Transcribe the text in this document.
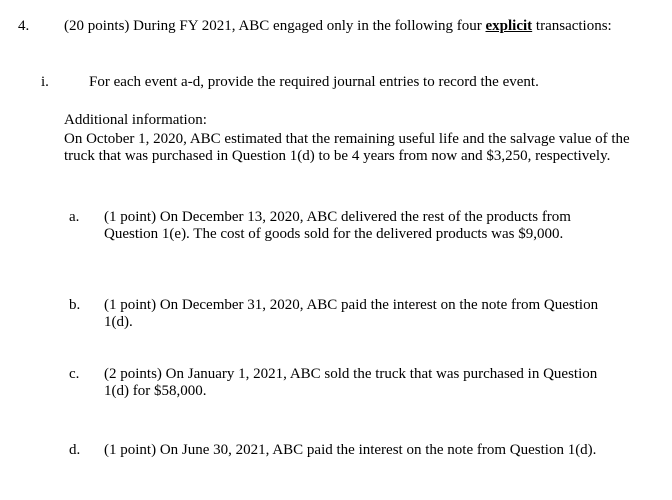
4. (20 points) During FY 2021, ABC engaged only in the following four explicit transactions:
i.	For each event a-d, provide the required journal entries to record the event.
Additional information:
On October 1, 2020, ABC estimated that the remaining useful life and the salvage value of the truck that was purchased in Question 1(d) to be 4 years from now and $3,250, respectively.
a. (1 point) On December 13, 2020, ABC delivered the rest of the products from Question 1(e). The cost of goods sold for the delivered products was $9,000.
b. (1 point) On December 31, 2020, ABC paid the interest on the note from Question 1(d).
c. (2 points) On January 1, 2021, ABC sold the truck that was purchased in Question 1(d) for $58,000.
d. (1 point) On June 30, 2021, ABC paid the interest on the note from Question 1(d).
